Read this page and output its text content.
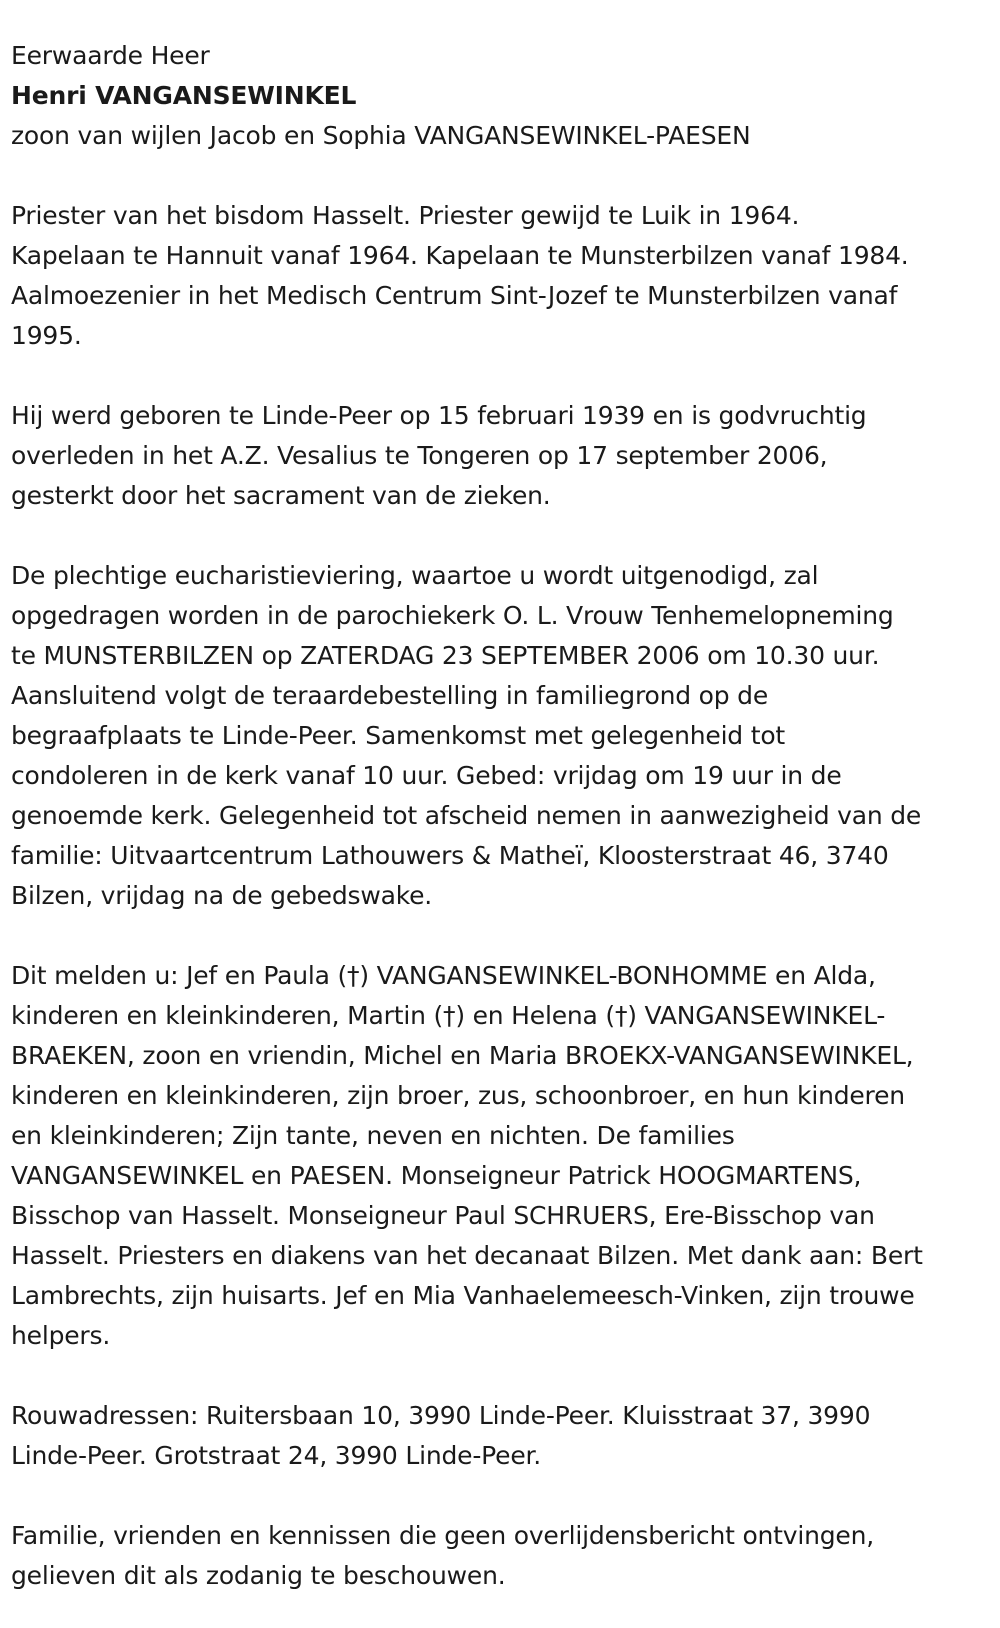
Eerwaarde Heer
Henri VANGANSEWINKEL
zoon van wijlen Jacob en Sophia VANGANSEWINKEL-PAESEN
Priester van het bisdom Hasselt. Priester gewijd te Luik in 1964.
Kapelaan te Hannuit vanaf 1964. Kapelaan te Munsterbilzen vanaf 1984.
Aalmoezenier in het Medisch Centrum Sint-Jozef te Munsterbilzen vanaf
1995.
Hij werd geboren te Linde-Peer op 15 februari 1939 en is godvruchtig
overleden in het A.Z. Vesalius te Tongeren op 17 september 2006,
gesterkt door het sacrament van de zieken.
De plechtige eucharistieviering, waartoe u wordt uitgenodigd, zal
opgedragen worden in de parochiekerk O. L. Vrouw Tenhemelopneming
te MUNSTERBILZEN op ZATERDAG 23 SEPTEMBER 2006 om 10.30 uur.
Aansluitend volgt de teraardebestelling in familiegrond op de
begraafplaats te Linde-Peer. Samenkomst met gelegenheid tot
condoleren in de kerk vanaf 10 uur. Gebed: vrijdag om 19 uur in de
genoemde kerk. Gelegenheid tot afscheid nemen in aanwezigheid van de
familie: Uitvaartcentrum Lathouwers & Matheï, Kloosterstraat 46, 3740
Bilzen, vrijdag na de gebedswake.
Dit melden u: Jef en Paula (†) VANGANSEWINKEL-BONHOMME en Alda,
kinderen en kleinkinderen, Martin (†) en Helena (†) VANGANSEWINKEL-
BRAEKEN, zoon en vriendin, Michel en Maria BROEKX-VANGANSEWINKEL,
kinderen en kleinkinderen, zijn broer, zus, schoonbroer, en hun kinderen
en kleinkinderen; Zijn tante, neven en nichten. De families
VANGANSEWINKEL en PAESEN. Monseigneur Patrick HOOGMARTENS,
Bisschop van Hasselt. Monseigneur Paul SCHRUERS, Ere-Bisschop van
Hasselt. Priesters en diakens van het decanaat Bilzen. Met dank aan: Bert
Lambrechts, zijn huisarts. Jef en Mia Vanhaelemeesch-Vinken, zijn trouwe
helpers.
Rouwadressen: Ruitersbaan 10, 3990 Linde-Peer. Kluisstraat 37, 3990
Linde-Peer. Grotstraat 24, 3990 Linde-Peer.
Familie, vrienden en kennissen die geen overlijdensbericht ontvingen,
gelieven dit als zodanig te beschouwen.
